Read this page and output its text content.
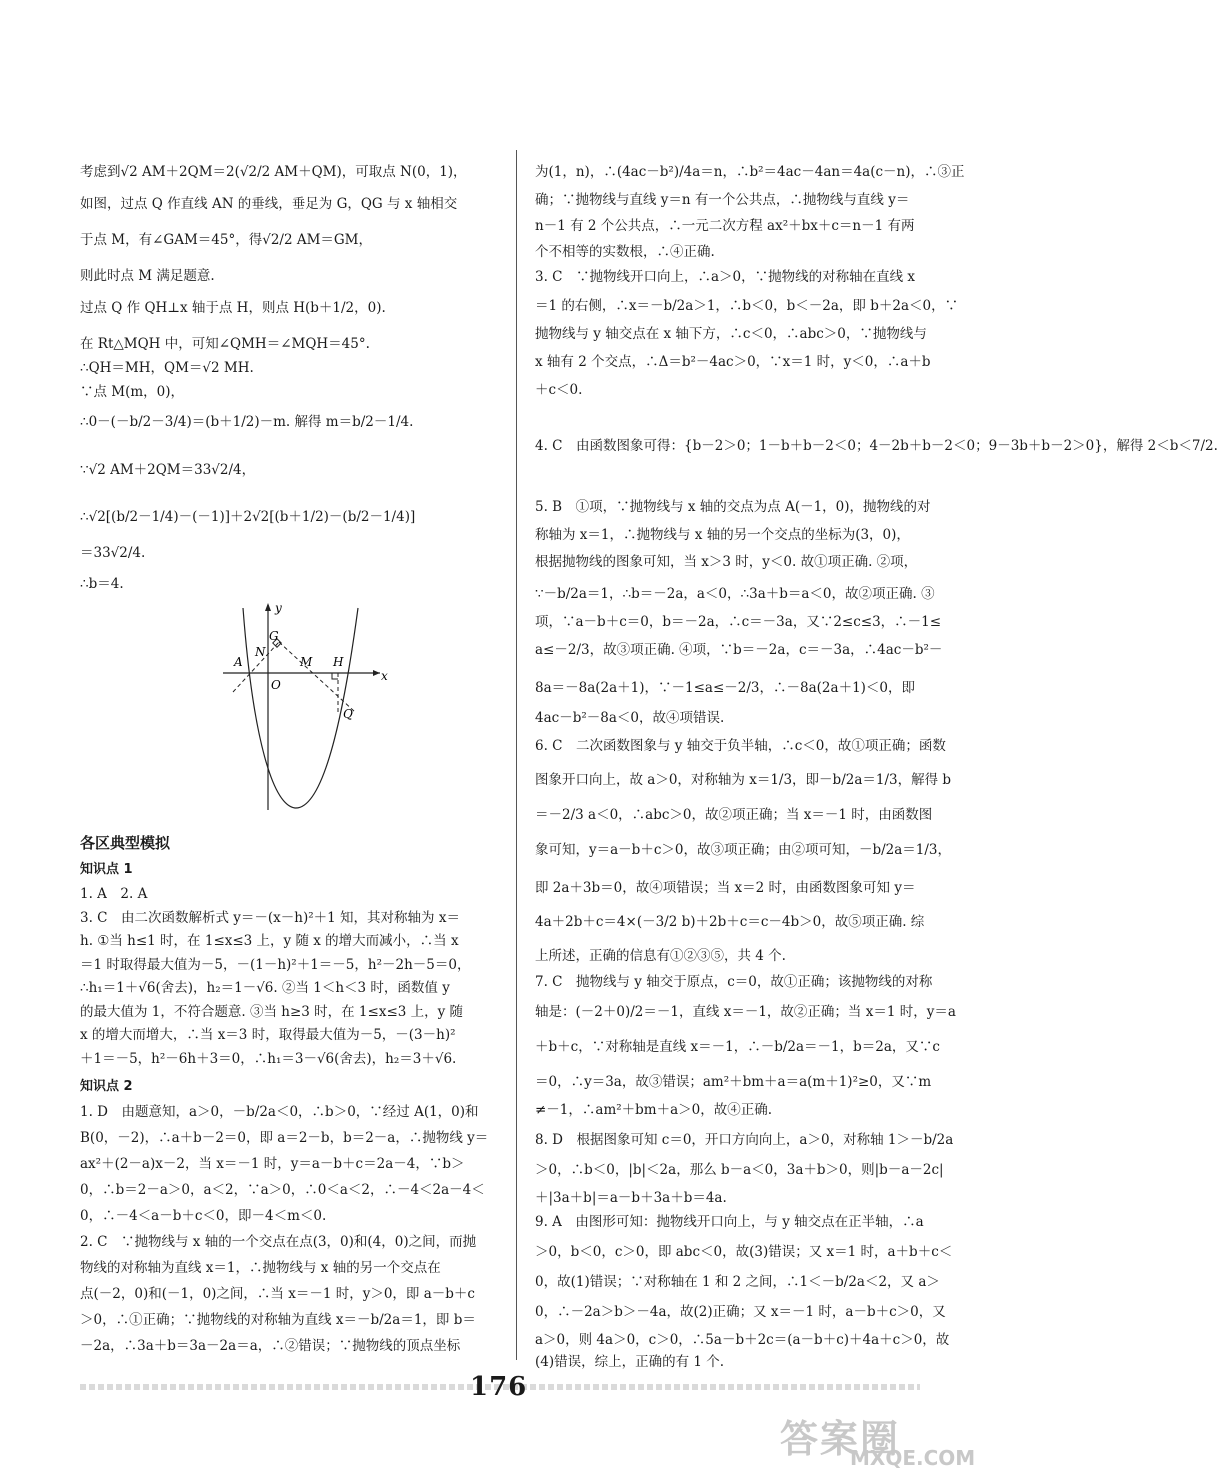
考虑到√2 AM＋2QM＝2(√2/2 AM＋QM)，可取点 N(0，1)，
如图，过点 Q 作直线 AN 的垂线，垂足为 G，QG 与 x 轴相交
于点 M，有∠GAM＝45°，得√2/2 AM＝GM，
则此时点 M 满足题意.
过点 Q 作 QH⊥x 轴于点 H，则点 H(b＋1/2，0).
在 Rt△MQH 中，可知∠QMH＝∠MQH＝45°.
∴QH＝MH，QM＝√2 MH.
∵点 M(m，0)，
∴0－(－b/2－3/4)＝(b＋1/2)－m. 解得 m＝b/2－1/4.
∵√2 AM＋2QM＝33√2/4，
∴√2[(b/2－1/4)－(－1)]＋2√2[(b＋1/2)－(b/2－1/4)]
＝33√2/4.
∴b＝4.
各区典型模拟
知识点 1
1. A　2. A
3. C　由二次函数解析式 y＝－(x－h)²＋1 知，其对称轴为 x＝
h. ①当 h≤1 时，在 1≤x≤3 上，y 随 x 的增大而减小，∴当 x
＝1 时取得最大值为－5，－(1－h)²＋1＝－5，h²－2h－5＝0，
∴h₁＝1＋√6(舍去)，h₂＝1－√6. ②当 1＜h＜3 时，函数值 y
的最大值为 1，不符合题意. ③当 h≥3 时，在 1≤x≤3 上，y 随
x 的增大而增大，∴当 x＝3 时，取得最大值为－5，－(3－h)²
＋1＝－5，h²－6h＋3＝0，∴h₁＝3－√6(舍去)，h₂＝3＋√6.
知识点 2
1. D　由题意知，a＞0，－b/2a＜0，∴b＞0，∵经过 A(1，0)和
B(0，－2)，∴a＋b－2＝0，即 a＝2－b，b＝2－a，∴抛物线 y＝
ax²＋(2－a)x－2，当 x＝－1 时，y＝a－b＋c＝2a－4，∵b＞
0，∴b＝2－a＞0，a＜2，∵a＞0，∴0＜a＜2，∴－4＜2a－4＜
0，∴－4＜a－b＋c＜0，即－4＜m＜0.
2. C　∵抛物线与 x 轴的一个交点在点(3，0)和(4，0)之间，而抛
物线的对称轴为直线 x＝1，∴抛物线与 x 轴的另一个交点在
点(－2，0)和(－1，0)之间，∴当 x＝－1 时，y＞0，即 a－b＋c
＞0，∴①正确；∵抛物线的对称轴为直线 x＝－b/2a＝1，即 b＝
－2a，∴3a＋b＝3a－2a＝a，∴②错误；∵抛物线的顶点坐标
y
x
G
N
A
O
M H
Q
为(1，n)，∴(4ac－b²)/4a＝n，∴b²＝4ac－4an＝4a(c－n)，∴③正
确；∵抛物线与直线 y＝n 有一个公共点，∴抛物线与直线 y＝
n－1 有 2 个公共点，∴一元二次方程 ax²＋bx＋c＝n－1 有两
个不相等的实数根，∴④正确.
3. C　∵抛物线开口向上，∴a＞0，∵抛物线的对称轴在直线 x
＝1 的右侧，∴x＝－b/2a＞1，∴b＜0，b＜－2a，即 b＋2a＜0，∵
抛物线与 y 轴交点在 x 轴下方，∴c＜0，∴abc＞0，∵抛物线与
x 轴有 2 个交点，∴Δ＝b²－4ac＞0，∵x＝1 时，y＜0，∴a＋b
＋c＜0.
4. C　由函数图象可得：{b－2＞0；1－b＋b－2＜0；4－2b＋b－2＜0；9－3b＋b－2＞0}，解得 2＜b＜7/2.
5. B　①项，∵抛物线与 x 轴的交点为点 A(－1，0)，抛物线的对
称轴为 x＝1，∴抛物线与 x 轴的另一个交点的坐标为(3，0)，
根据抛物线的图象可知，当 x＞3 时，y＜0. 故①项正确. ②项，
∵－b/2a＝1，∴b＝－2a，a＜0，∴3a＋b＝a＜0，故②项正确. ③
项，∵a－b＋c＝0，b＝－2a，∴c＝－3a，又∵2≤c≤3，∴－1≤
a≤－2/3，故③项正确. ④项，∵b＝－2a，c＝－3a，∴4ac－b²－
8a＝－8a(2a＋1)，∵－1≤a≤－2/3，∴－8a(2a＋1)＜0，即
4ac－b²－8a＜0，故④项错误.
6. C　二次函数图象与 y 轴交于负半轴，∴c＜0，故①项正确；函数
图象开口向上，故 a＞0，对称轴为 x＝1/3，即－b/2a＝1/3，解得 b
＝－2/3 a＜0，∴abc＞0，故②项正确；当 x＝－1 时，由函数图
象可知，y＝a－b＋c＞0，故③项正确；由②项可知，－b/2a＝1/3，
即 2a＋3b＝0，故④项错误；当 x＝2 时，由函数图象可知 y＝
4a＋2b＋c＝4×(－3/2 b)＋2b＋c＝c－4b＞0，故⑤项正确. 综
上所述，正确的信息有①②③⑤，共 4 个.
7. C　抛物线与 y 轴交于原点，c＝0，故①正确；该抛物线的对称
轴是：(－2＋0)/2＝－1，直线 x＝－1，故②正确；当 x＝1 时，y＝a
＋b＋c，∵对称轴是直线 x＝－1，∴－b/2a＝－1，b＝2a，又∵c
＝0，∴y＝3a，故③错误；am²＋bm＋a＝a(m＋1)²≥0，又∵m
≠－1，∴am²＋bm＋a＞0，故④正确.
8. D　根据图象可知 c＝0，开口方向向上，a＞0，对称轴 1＞－b/2a
＞0，∴b＜0，|b|＜2a，那么 b－a＜0，3a＋b＞0，则|b－a－2c|
＋|3a＋b|＝a－b＋3a＋b＝4a.
9. A　由图形可知：抛物线开口向上，与 y 轴交点在正半轴，∴a
＞0，b＜0，c＞0，即 abc＜0，故(3)错误；又 x＝1 时，a＋b＋c＜
0，故(1)错误；∵对称轴在 1 和 2 之间，∴1＜－b/2a＜2，又 a＞
0，∴－2a＞b＞－4a，故(2)正确；又 x＝－1 时，a－b＋c＞0，又
a＞0，则 4a＞0，c＞0，∴5a－b＋2c＝(a－b＋c)＋4a＋c＞0，故
(4)错误，综上，正确的有 1 个.
176
答案圈
MXQE.COM
